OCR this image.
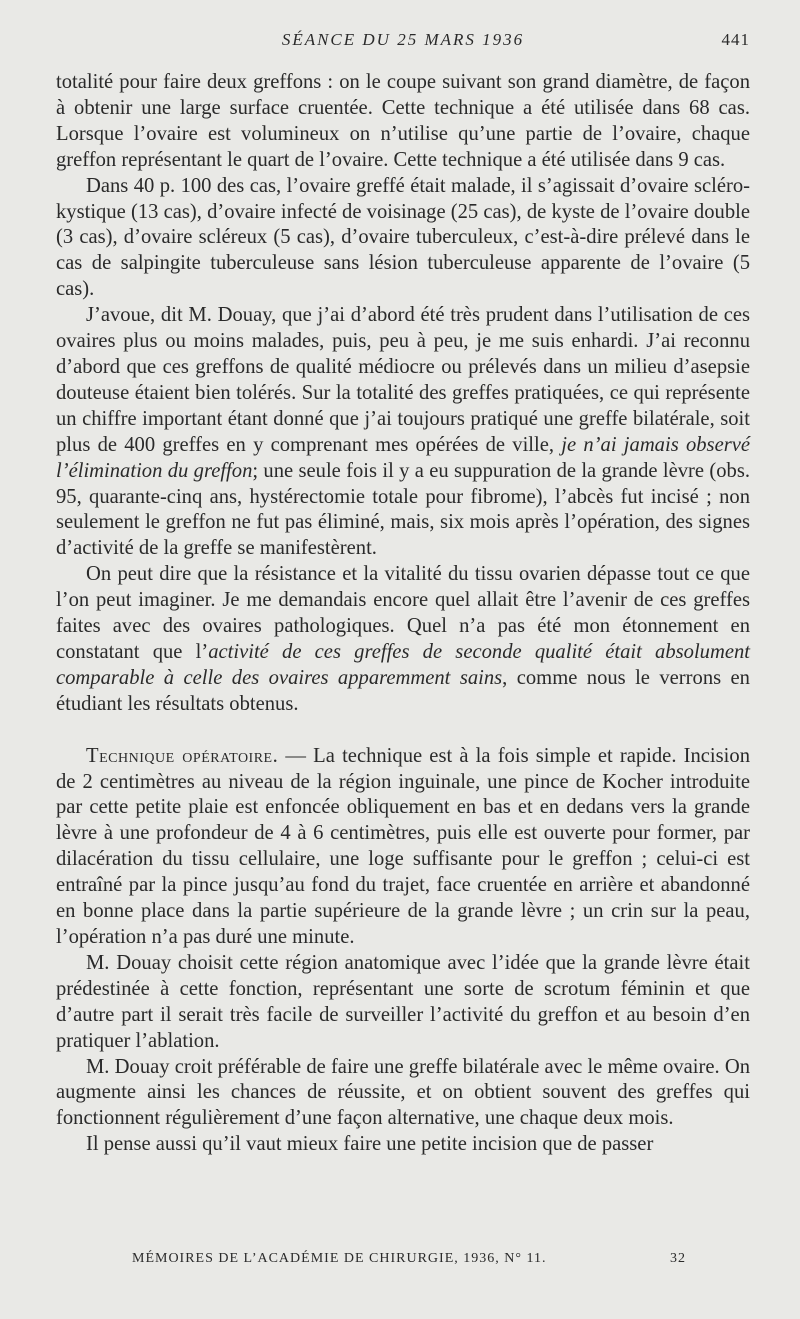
SÉANCE DU 25 MARS 1936	441

totalité pour faire deux greffons : on le coupe suivant son grand diamètre, de façon à obtenir une large surface cruentée. Cette technique a été utilisée dans 68 cas. Lorsque l’ovaire est volumineux on n’utilise qu’une partie de l’ovaire, chaque greffon représentant le quart de l’ovaire. Cette technique a été utilisée dans 9 cas.

Dans 40 p. 100 des cas, l’ovaire greffé était malade, il s’agissait d’ovaire scléro-kystique (13 cas), d’ovaire infecté de voisinage (25 cas), de kyste de l’ovaire double (3 cas), d’ovaire scléreux (5 cas), d’ovaire tuberculeux, c’est-à-dire prélevé dans le cas de salpingite tuberculeuse sans lésion tuberculeuse apparente de l’ovaire (5 cas).

J’avoue, dit M. Douay, que j’ai d’abord été très prudent dans l’utilisation de ces ovaires plus ou moins malades, puis, peu à peu, je me suis enhardi. J’ai reconnu d’abord que ces greffons de qualité médiocre ou prélevés dans un milieu d’asepsie douteuse étaient bien tolérés. Sur la totalité des greffes pratiquées, ce qui représente un chiffre important étant donné que j’ai toujours pratiqué une greffe bilatérale, soit plus de 400 greffes en y comprenant mes opérées de ville, je n’ai jamais observé l’élimination du greffon; une seule fois il y a eu suppuration de la grande lèvre (obs. 95, quarante-cinq ans, hystérectomie totale pour fibrome), l’abcès fut incisé ; non seulement le greffon ne fut pas éliminé, mais, six mois après l’opération, des signes d’activité de la greffe se manifestèrent.

On peut dire que la résistance et la vitalité du tissu ovarien dépasse tout ce que l’on peut imaginer. Je me demandais encore quel allait être l’avenir de ces greffes faites avec des ovaires pathologiques. Quel n’a pas été mon étonnement en constatant que l’activité de ces greffes de seconde qualité était absolument comparable à celle des ovaires apparemment sains, comme nous le verrons en étudiant les résultats obtenus.

Technique opératoire. — La technique est à la fois simple et rapide. Incision de 2 centimètres au niveau de la région inguinale, une pince de Kocher introduite par cette petite plaie est enfoncée obliquement en bas et en dedans vers la grande lèvre à une profondeur de 4 à 6 centimètres, puis elle est ouverte pour former, par dilacération du tissu cellulaire, une loge suffisante pour le greffon ; celui-ci est entraîné par la pince jusqu’au fond du trajet, face cruentée en arrière et abandonné en bonne place dans la partie supérieure de la grande lèvre ; un crin sur la peau, l’opération n’a pas duré une minute.

M. Douay choisit cette région anatomique avec l’idée que la grande lèvre était prédestinée à cette fonction, représentant une sorte de scrotum féminin et que d’autre part il serait très facile de surveiller l’activité du greffon et au besoin d’en pratiquer l’ablation.

M. Douay croit préférable de faire une greffe bilatérale avec le même ovaire. On augmente ainsi les chances de réussite, et on obtient souvent des greffes qui fonctionnent régulièrement d’une façon alternative, une chaque deux mois.

Il pense aussi qu’il vaut mieux faire une petite incision que de passer

MÉMOIRES DE L’ACADÉMIE DE CHIRURGIE, 1936, N° 11.	32
